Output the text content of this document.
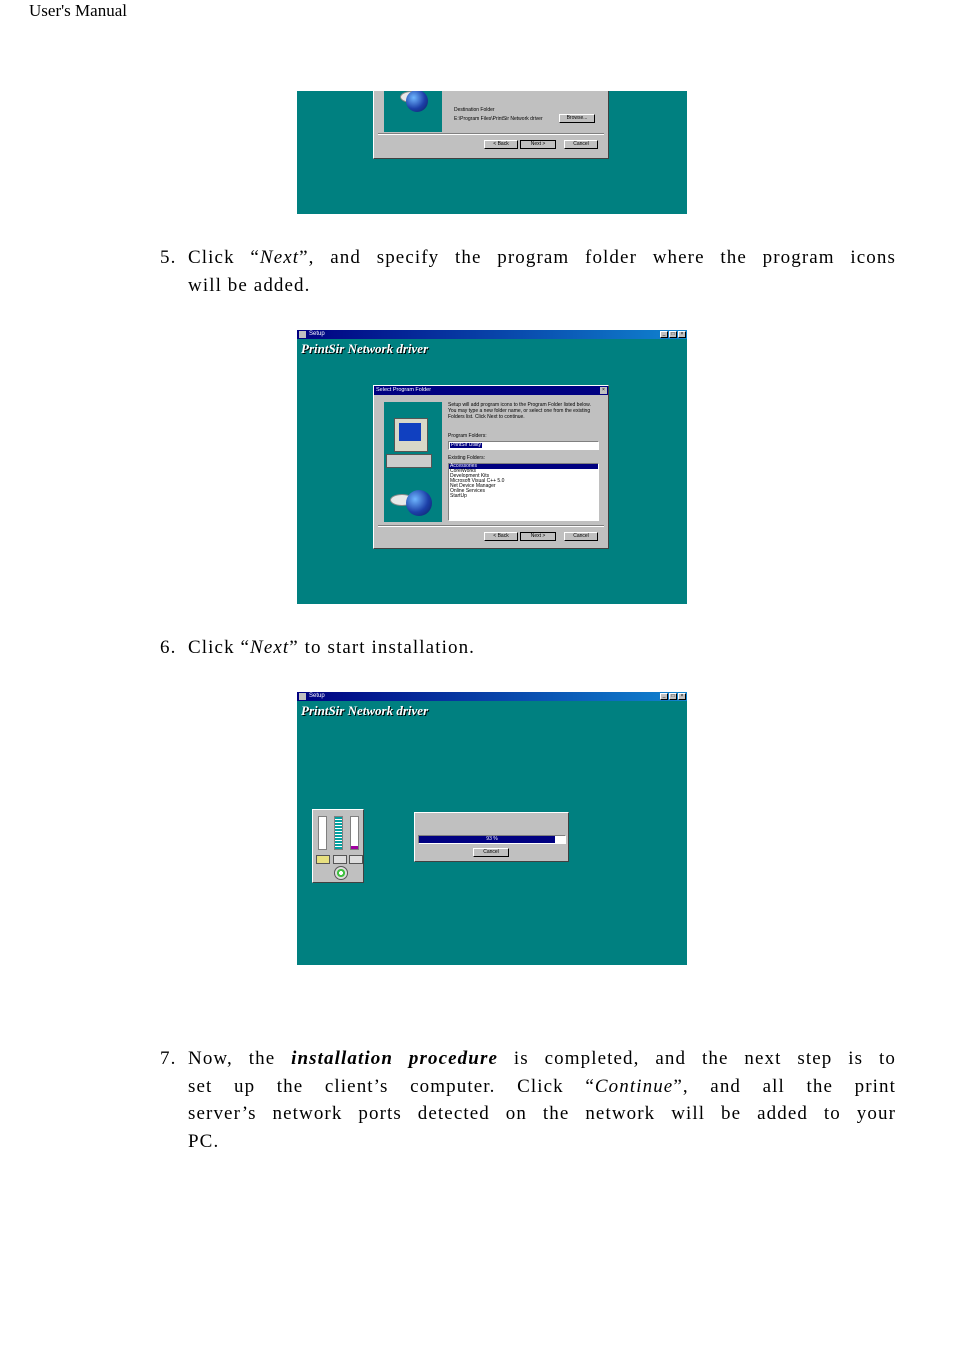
User's Manual
Destination Folder
E:\Program Files\PrintSir Network driver	Browse...
< Back	Next >	Cancel
5. Click “Next”, and specify the program folder where the program icons
will be added.
Setup	_	□	×
PrintSir Network driver
Select Program Folder	×
Setup will add program icons to the Program Folder listed below. You may type a new folder name, or select one from the existing Folders list. Click Next to continue.
Program Folders:
PrintSir Utility
Existing Folders:
Accessories
CorelWorks
Development Kits
Microsoft Visual C++ 5.0
Net Device Manager
Online Services
StartUp
< Back	Next >	Cancel
6. Click “Next” to start installation.
Setup	_	□	×
PrintSir Network driver
93 %
Cancel
7. Now, the installation procedure is completed, and the next step is to
set up the client’s computer. Click “Continue”, and all the print
server’s network ports detected on the network will be added to your
PC.
